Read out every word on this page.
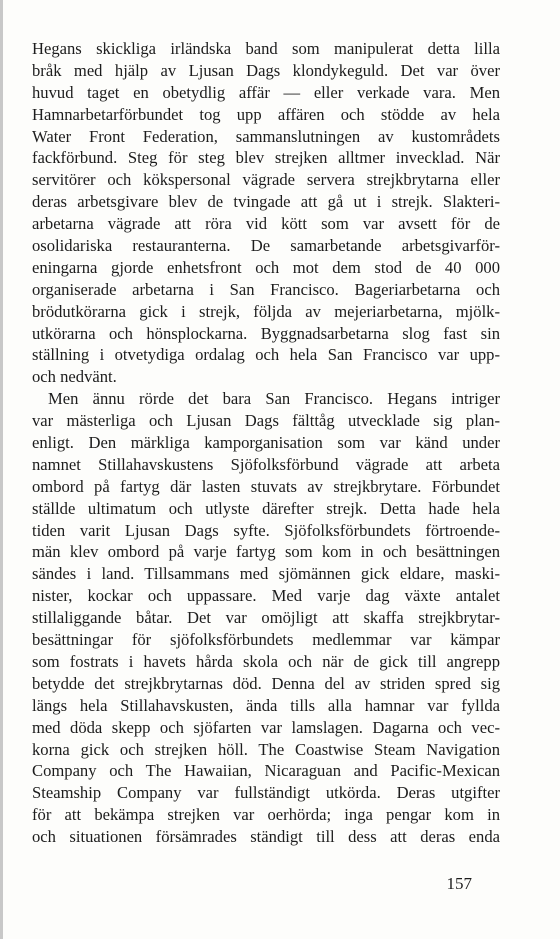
Hegans skickliga irländska band som manipulerat detta lilla
bråk med hjälp av Ljusan Dags klondykeguld. Det var över
huvud taget en obetydlig affär — eller verkade vara. Men
Hamnarbetarförbundet tog upp affären och stödde av hela
Water Front Federation, sammanslutningen av kustområdets
fackförbund. Steg för steg blev strejken alltmer invecklad. När
servitörer och kökspersonal vägrade servera strejkbrytarna eller
deras arbetsgivare blev de tvingade att gå ut i strejk. Slakteri-
arbetarna vägrade att röra vid kött som var avsett för de
osolidariska restauranterna. De samarbetande arbetsgivarför-
eningarna gjorde enhetsfront och mot dem stod de 40 000
organiserade arbetarna i San Francisco. Bageriarbetarna och
brödutkörarna gick i strejk, följda av mejeriarbetarna, mjölk-
utkörarna och hönsplockarna. Byggnadsarbetarna slog fast sin
ställning i otvetydiga ordalag och hela San Francisco var upp-
och nedvänt.
Men ännu rörde det bara San Francisco. Hegans intriger
var mästerliga och Ljusan Dags fälttåg utvecklade sig plan-
enligt. Den märkliga kamporganisation som var känd under
namnet Stillahavskustens Sjöfolksförbund vägrade att arbeta
ombord på fartyg där lasten stuvats av strejkbrytare. Förbundet
ställde ultimatum och utlyste därefter strejk. Detta hade hela
tiden varit Ljusan Dags syfte. Sjöfolksförbundets förtroende-
män klev ombord på varje fartyg som kom in och besättningen
sändes i land. Tillsammans med sjömännen gick eldare, maski-
nister, kockar och uppassare. Med varje dag växte antalet
stillaliggande båtar. Det var omöjligt att skaffa strejkbrytar-
besättningar för sjöfolksförbundets medlemmar var kämpar
som fostrats i havets hårda skola och när de gick till angrepp
betydde det strejkbrytarnas död. Denna del av striden spred sig
längs hela Stillahavskusten, ända tills alla hamnar var fyllda
med döda skepp och sjöfarten var lamslagen. Dagarna och vec-
korna gick och strejken höll. The Coastwise Steam Navigation
Company och The Hawaiian, Nicaraguan and Pacific-Mexican
Steamship Company var fullständigt utkörda. Deras utgifter
för att bekämpa strejken var oerhörda; inga pengar kom in
och situationen försämrades ständigt till dess att deras enda
157
